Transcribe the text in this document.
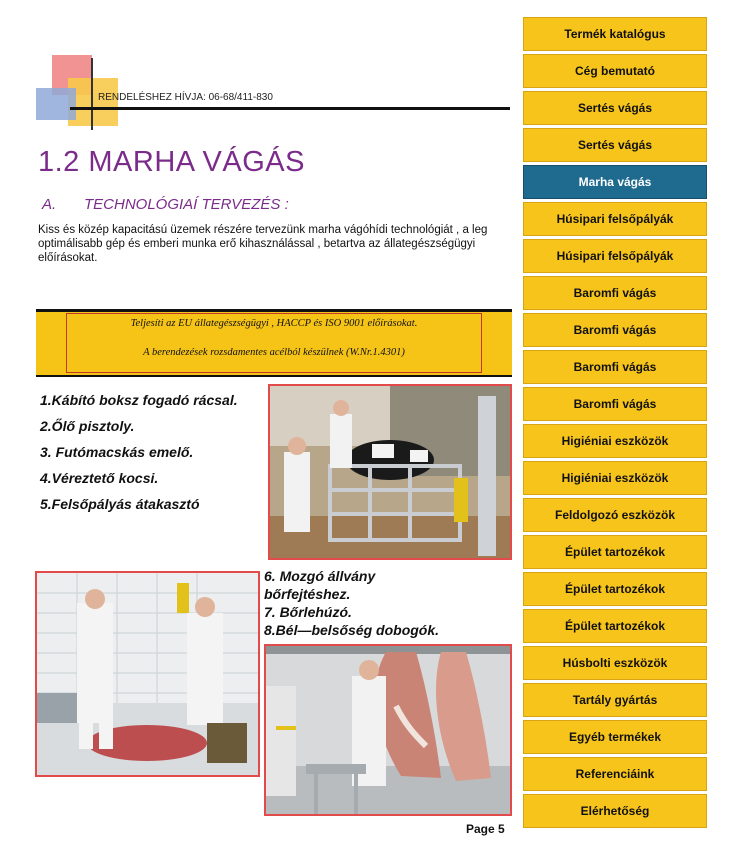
RENDELÉSHEZ HÍVJA: 06-68/411-830
1.2 MARHA VÁGÁS
A. TECHNOLÓGIAÍ TERVEZÉS :
Kiss és közép kapacitású üzemek részére tervezünk marha vágóhídi technológiát , a leg optimálisabb gép és emberi munka erő kihasználással , betartva az állategészségügyi előírásokat.
Teljesíti az EU állategészségügyi , HACCP és ISO 9001 előírásokat.
A berendezések rozsdamentes acélból készülnek (W.Nr.1.4301)
1.Kábító boksz fogadó rácsal.
2.Őlő pisztoly.
3. Futómacskás emelő.
4.Véreztető kocsi.
5.Felsőpályás átakasztó
6. Mozgó állvány
bőrfejtéshez.
7. Bőrlehúzó.
8.Bél—belsőség dobogók.
Termék katalógus
Cég bemutató
Sertés vágás
Sertés vágás
Marha vágás
Húsipari felsőpályák
Húsipari felsőpályák
Baromfi vágás
Baromfi vágás
Baromfi vágás
Baromfi vágás
Higiéniai eszközök
Higiéniai eszközök
Feldolgozó eszközök
Épület tartozékok
Épület tartozékok
Épület tartozékok
Húsbolti eszközök
Tartály gyártás
Egyéb termékek
Referenciáink
Elérhetőség
Page 5
